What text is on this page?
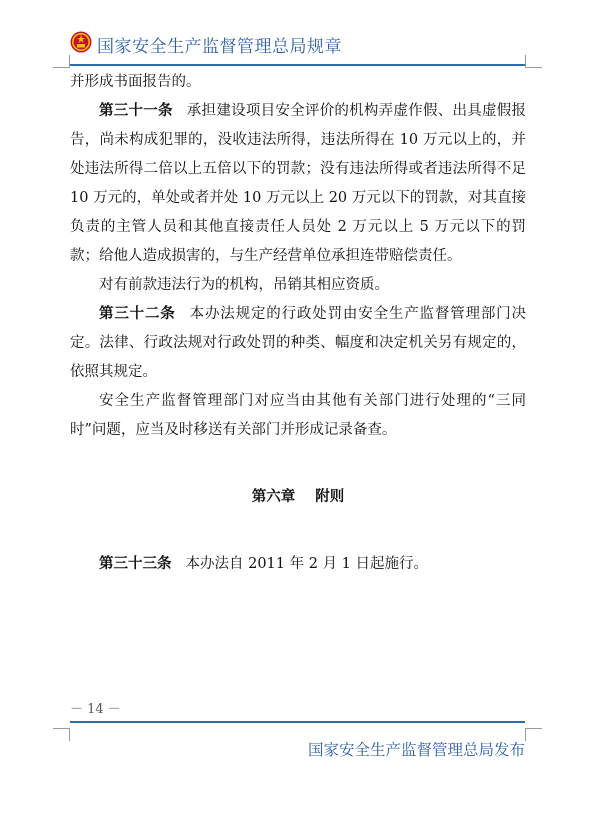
国家安全生产监督管理总局规章

并形成书面报告的。

第三十一条 承担建设项目安全评价的机构弄虚作假、出具虚假报告，尚未构成犯罪的，没收违法所得，违法所得在 10 万元以上的，并处违法所得二倍以上五倍以下的罚款；没有违法所得或者违法所得不足 10 万元的，单处或者并处 10 万元以上 20 万元以下的罚款，对其直接负责的主管人员和其他直接责任人员处 2 万元以上 5 万元以下的罚款；给他人造成损害的，与生产经营单位承担连带赔偿责任。

对有前款违法行为的机构，吊销其相应资质。

第三十二条 本办法规定的行政处罚由安全生产监督管理部门决定。法律、行政法规对行政处罚的种类、幅度和决定机关另有规定的，依照其规定。

安全生产监督管理部门对应当由其他有关部门进行处理的“三同时”问题，应当及时移送有关部门并形成记录备查。

第六章 附则

第三十三条 本办法自 2011 年 2 月 1 日起施行。

－ 14 －
国家安全生产监督管理总局发布
